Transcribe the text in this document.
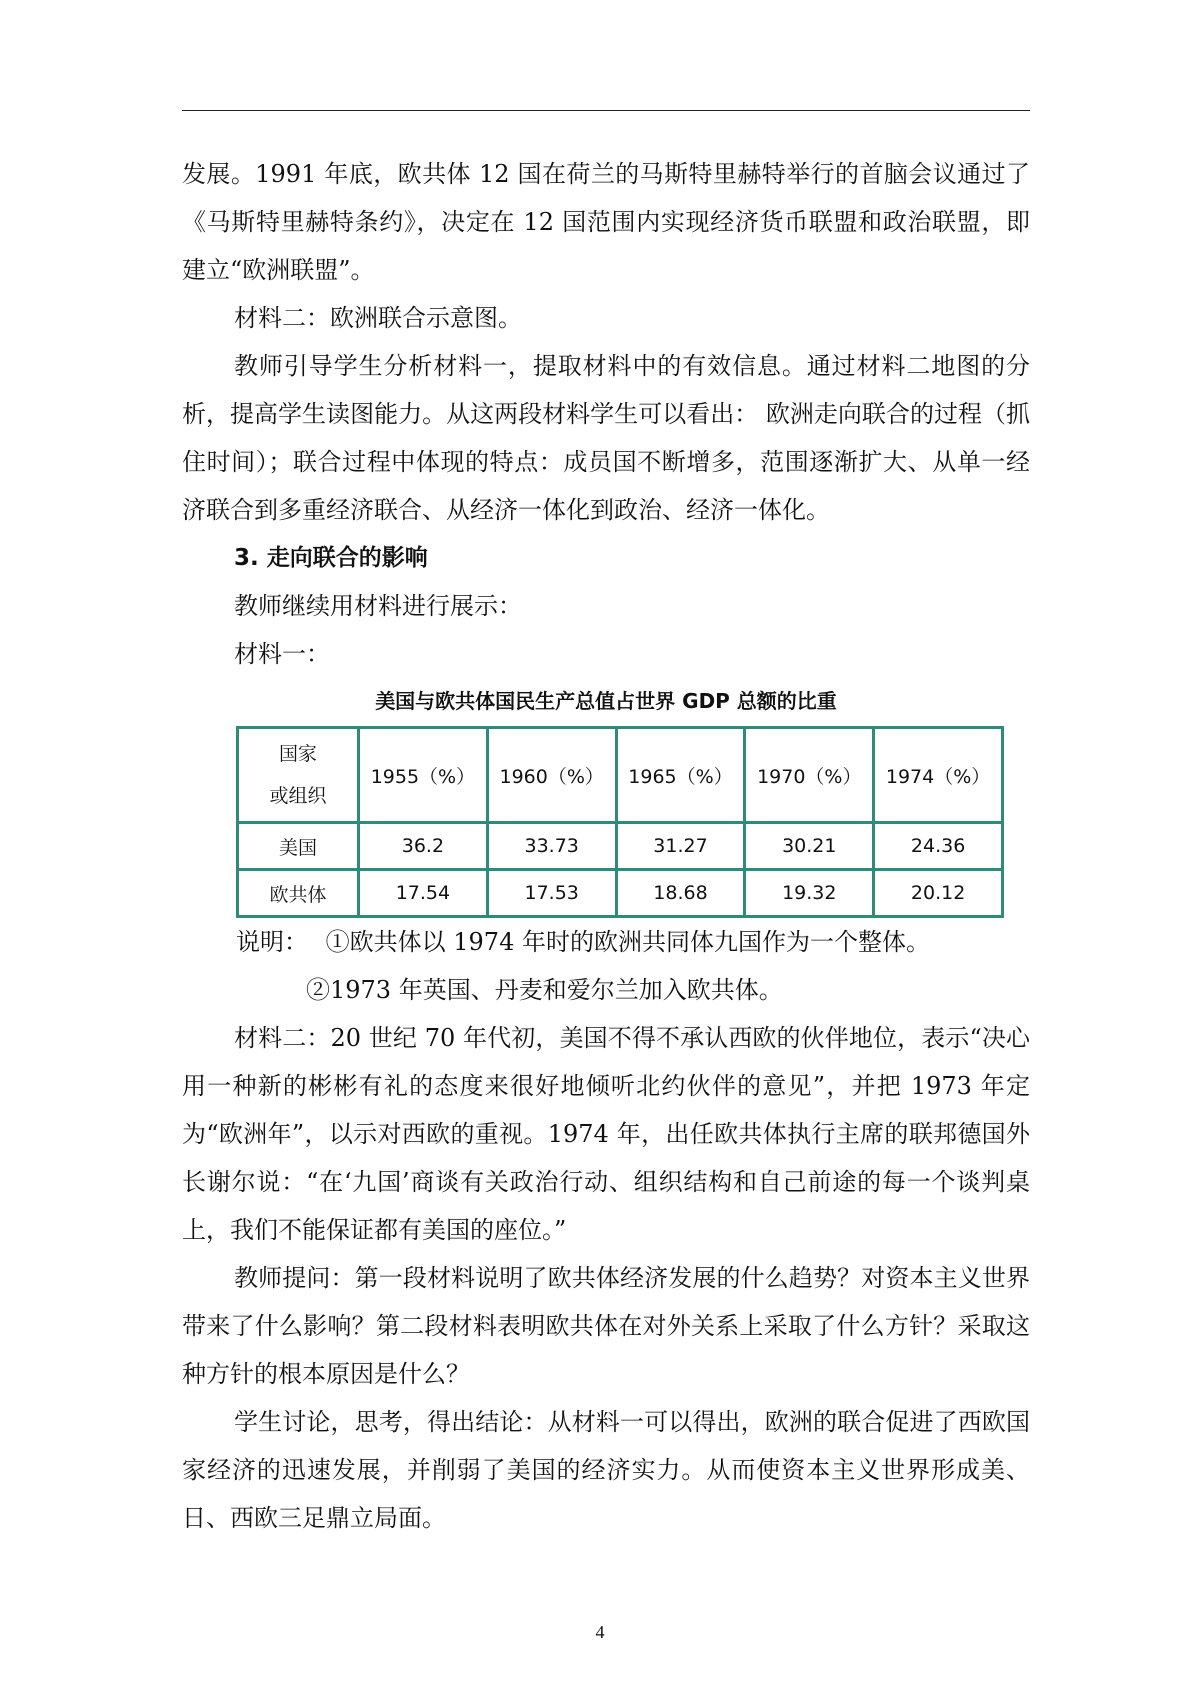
发展。1991 年底，欧共体 12 国在荷兰的马斯特里赫特举行的首脑会议通过了《马斯特里赫特条约》，决定在 12 国范围内实现经济货币联盟和政治联盟，即建立“欧洲联盟”。

材料二：欧洲联合示意图。

教师引导学生分析材料一，提取材料中的有效信息。通过材料二地图的分析，提高学生读图能力。从这两段材料学生可以看出： 欧洲走向联合的过程（抓住时间）；联合过程中体现的特点：成员国不断增多，范围逐渐扩大、从单一经济联合到多重经济联合、从经济一体化到政治、经济一体化。

3. 走向联合的影响

教师继续用材料进行展示：

材料一：

美国与欧共体国民生产总值占世界 GDP 总额的比重
国家
或组织	1955（%）	1960（%）	1965（%）	1970（%）	1974（%）
美国	36.2	33.73	31.27	30.21	24.36
欧共体	17.54	17.53	18.68	19.32	20.12
说明： ①欧共体以 1974 年时的欧洲共同体九国作为一个整体。
②1973 年英国、丹麦和爱尔兰加入欧共体。

材料二：20 世纪 70 年代初，美国不得不承认西欧的伙伴地位，表示“决心用一种新的彬彬有礼的态度来很好地倾听北约伙伴的意见”，并把 1973 年定为“欧洲年”，以示对西欧的重视。1974 年，出任欧共体执行主席的联邦德国外长谢尔说：“在‘九国’商谈有关政治行动、组织结构和自己前途的每一个谈判桌上，我们不能保证都有美国的座位。”

教师提问：第一段材料说明了欧共体经济发展的什么趋势？对资本主义世界带来了什么影响？第二段材料表明欧共体在对外关系上采取了什么方针？采取这种方针的根本原因是什么？

学生讨论，思考，得出结论：从材料一可以得出，欧洲的联合促进了西欧国家经济的迅速发展，并削弱了美国的经济实力。从而使资本主义世界形成美、日、西欧三足鼎立局面。

4
